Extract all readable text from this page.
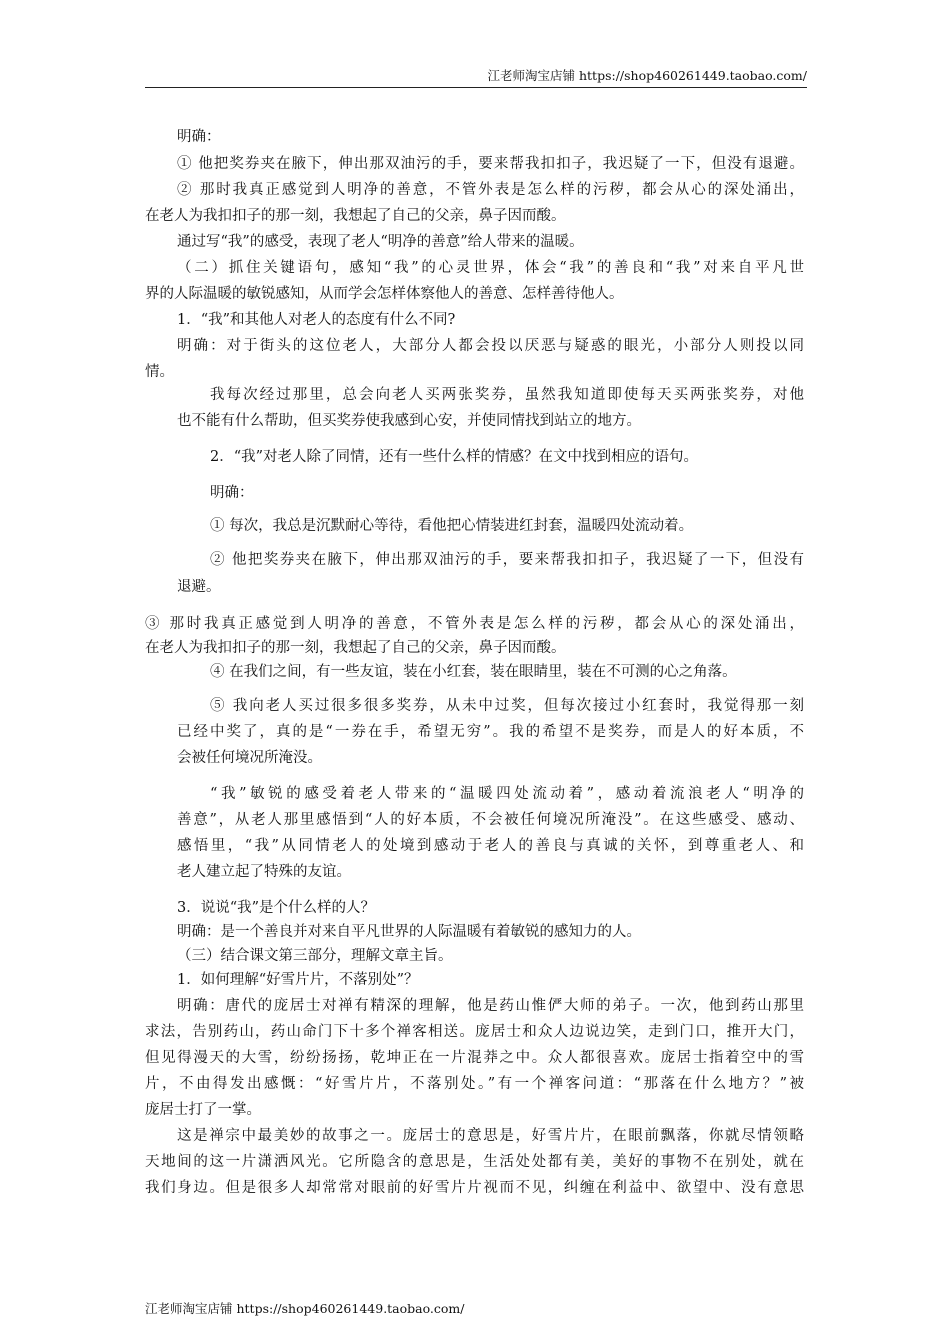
江老师淘宝店铺 https://shop460261449.taobao.com/
明确：
① 他把奖券夹在腋下，伸出那双油污的手，要来帮我扣扣子，我迟疑了一下，但没有退避。
② 那时我真正感觉到人明净的善意，不管外表是怎么样的污秽，都会从心的深处涌出，
在老人为我扣扣子的那一刻，我想起了自己的父亲，鼻子因而酸。
通过写“我”的感受，表现了老人“明净的善意”给人带来的温暖。
（二）抓住关键语句，感知“我”的心灵世界，体会“我”的善良和“我”对来自平凡世
界的人际温暖的敏锐感知，从而学会怎样体察他人的善意、怎样善待他人。
1．“我”和其他人对老人的态度有什么不同?
明确：对于街头的这位老人，大部分人都会投以厌恶与疑惑的眼光，小部分人则投以同
情。
我每次经过那里，总会向老人买两张奖券，虽然我知道即使每天买两张奖券，对他
也不能有什么帮助，但买奖券使我感到心安，并使同情找到站立的地方。
2．“我”对老人除了同情，还有一些什么样的情感？在文中找到相应的语句。
明确：
① 每次，我总是沉默耐心等待，看他把心情装进红封套，温暖四处流动着。
② 他把奖券夹在腋下，伸出那双油污的手，要来帮我扣扣子，我迟疑了一下，但没有
退避。
③ 那时我真正感觉到人明净的善意，不管外表是怎么样的污秽，都会从心的深处涌出，
在老人为我扣扣子的那一刻，我想起了自己的父亲，鼻子因而酸。
④ 在我们之间，有一些友谊，装在小红套，装在眼睛里，装在不可测的心之角落。
⑤ 我向老人买过很多很多奖券，从未中过奖，但每次接过小红套时，我觉得那一刻
已经中奖了，真的是“一券在手，希望无穷”。我的希望不是奖券，而是人的好本质，不
会被任何境况所淹没。
“我”敏锐的感受着老人带来的“温暖四处流动着”，感动着流浪老人“明净的
善意”，从老人那里感悟到“人的好本质，不会被任何境况所淹没”。在这些感受、感动、
感悟里，“我”从同情老人的处境到感动于老人的善良与真诚的关怀，到尊重老人、和
老人建立起了特殊的友谊。
3．说说“我”是个什么样的人？
明确：是一个善良并对来自平凡世界的人际温暖有着敏锐的感知力的人。
（三）结合课文第三部分，理解文章主旨。
1．如何理解“好雪片片，不落别处”？
明确：唐代的庞居士对禅有精深的理解，他是药山惟俨大师的弟子。一次，他到药山那里
求法，告别药山，药山命门下十多个禅客相送。庞居士和众人边说边笑，走到门口，推开大门，
但见得漫天的大雪，纷纷扬扬，乾坤正在一片混莽之中。众人都很喜欢。庞居士指着空中的雪
片，不由得发出感慨：“好雪片片，不落别处。”有一个禅客问道：“那落在什么地方？”被
庞居士打了一掌。
这是禅宗中最美妙的故事之一。庞居士的意思是，好雪片片，在眼前飘落，你就尽情领略
天地间的这一片潇洒风光。它所隐含的意思是，生活处处都有美，美好的事物不在别处，就在
我们身边。但是很多人却常常对眼前的好雪片片视而不见，纠缠在利益中、欲望中、没有意思
江老师淘宝店铺 https://shop460261449.taobao.com/
